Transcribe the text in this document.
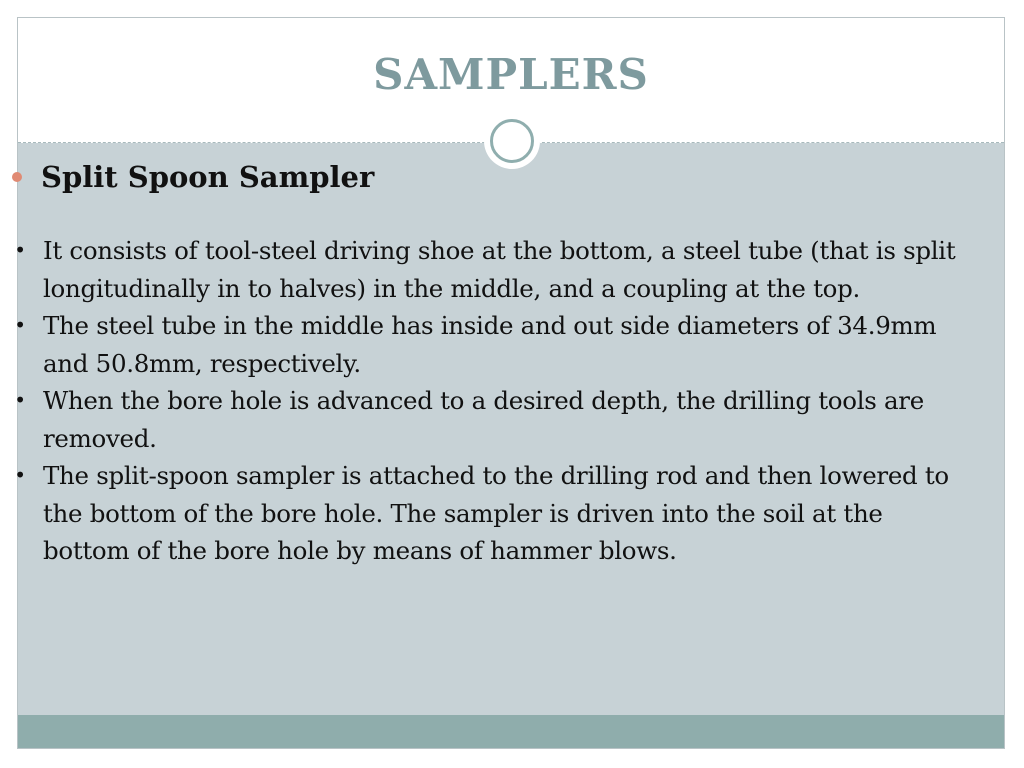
SAMPLERS
Split Spoon Sampler
• It consists of tool-steel driving shoe at the bottom, a steel tube (that is split longitudinally in to halves) in the middle, and a coupling at the top.
• The steel tube in the middle has inside and out side diameters of 34.9mm and 50.8mm, respectively.
• When the bore hole is advanced to a desired depth, the drilling tools are removed.
• The split-spoon sampler is attached to the drilling rod and then lowered to the bottom of the bore hole. The sampler is driven into the soil at the bottom of the bore hole by means of hammer blows.
